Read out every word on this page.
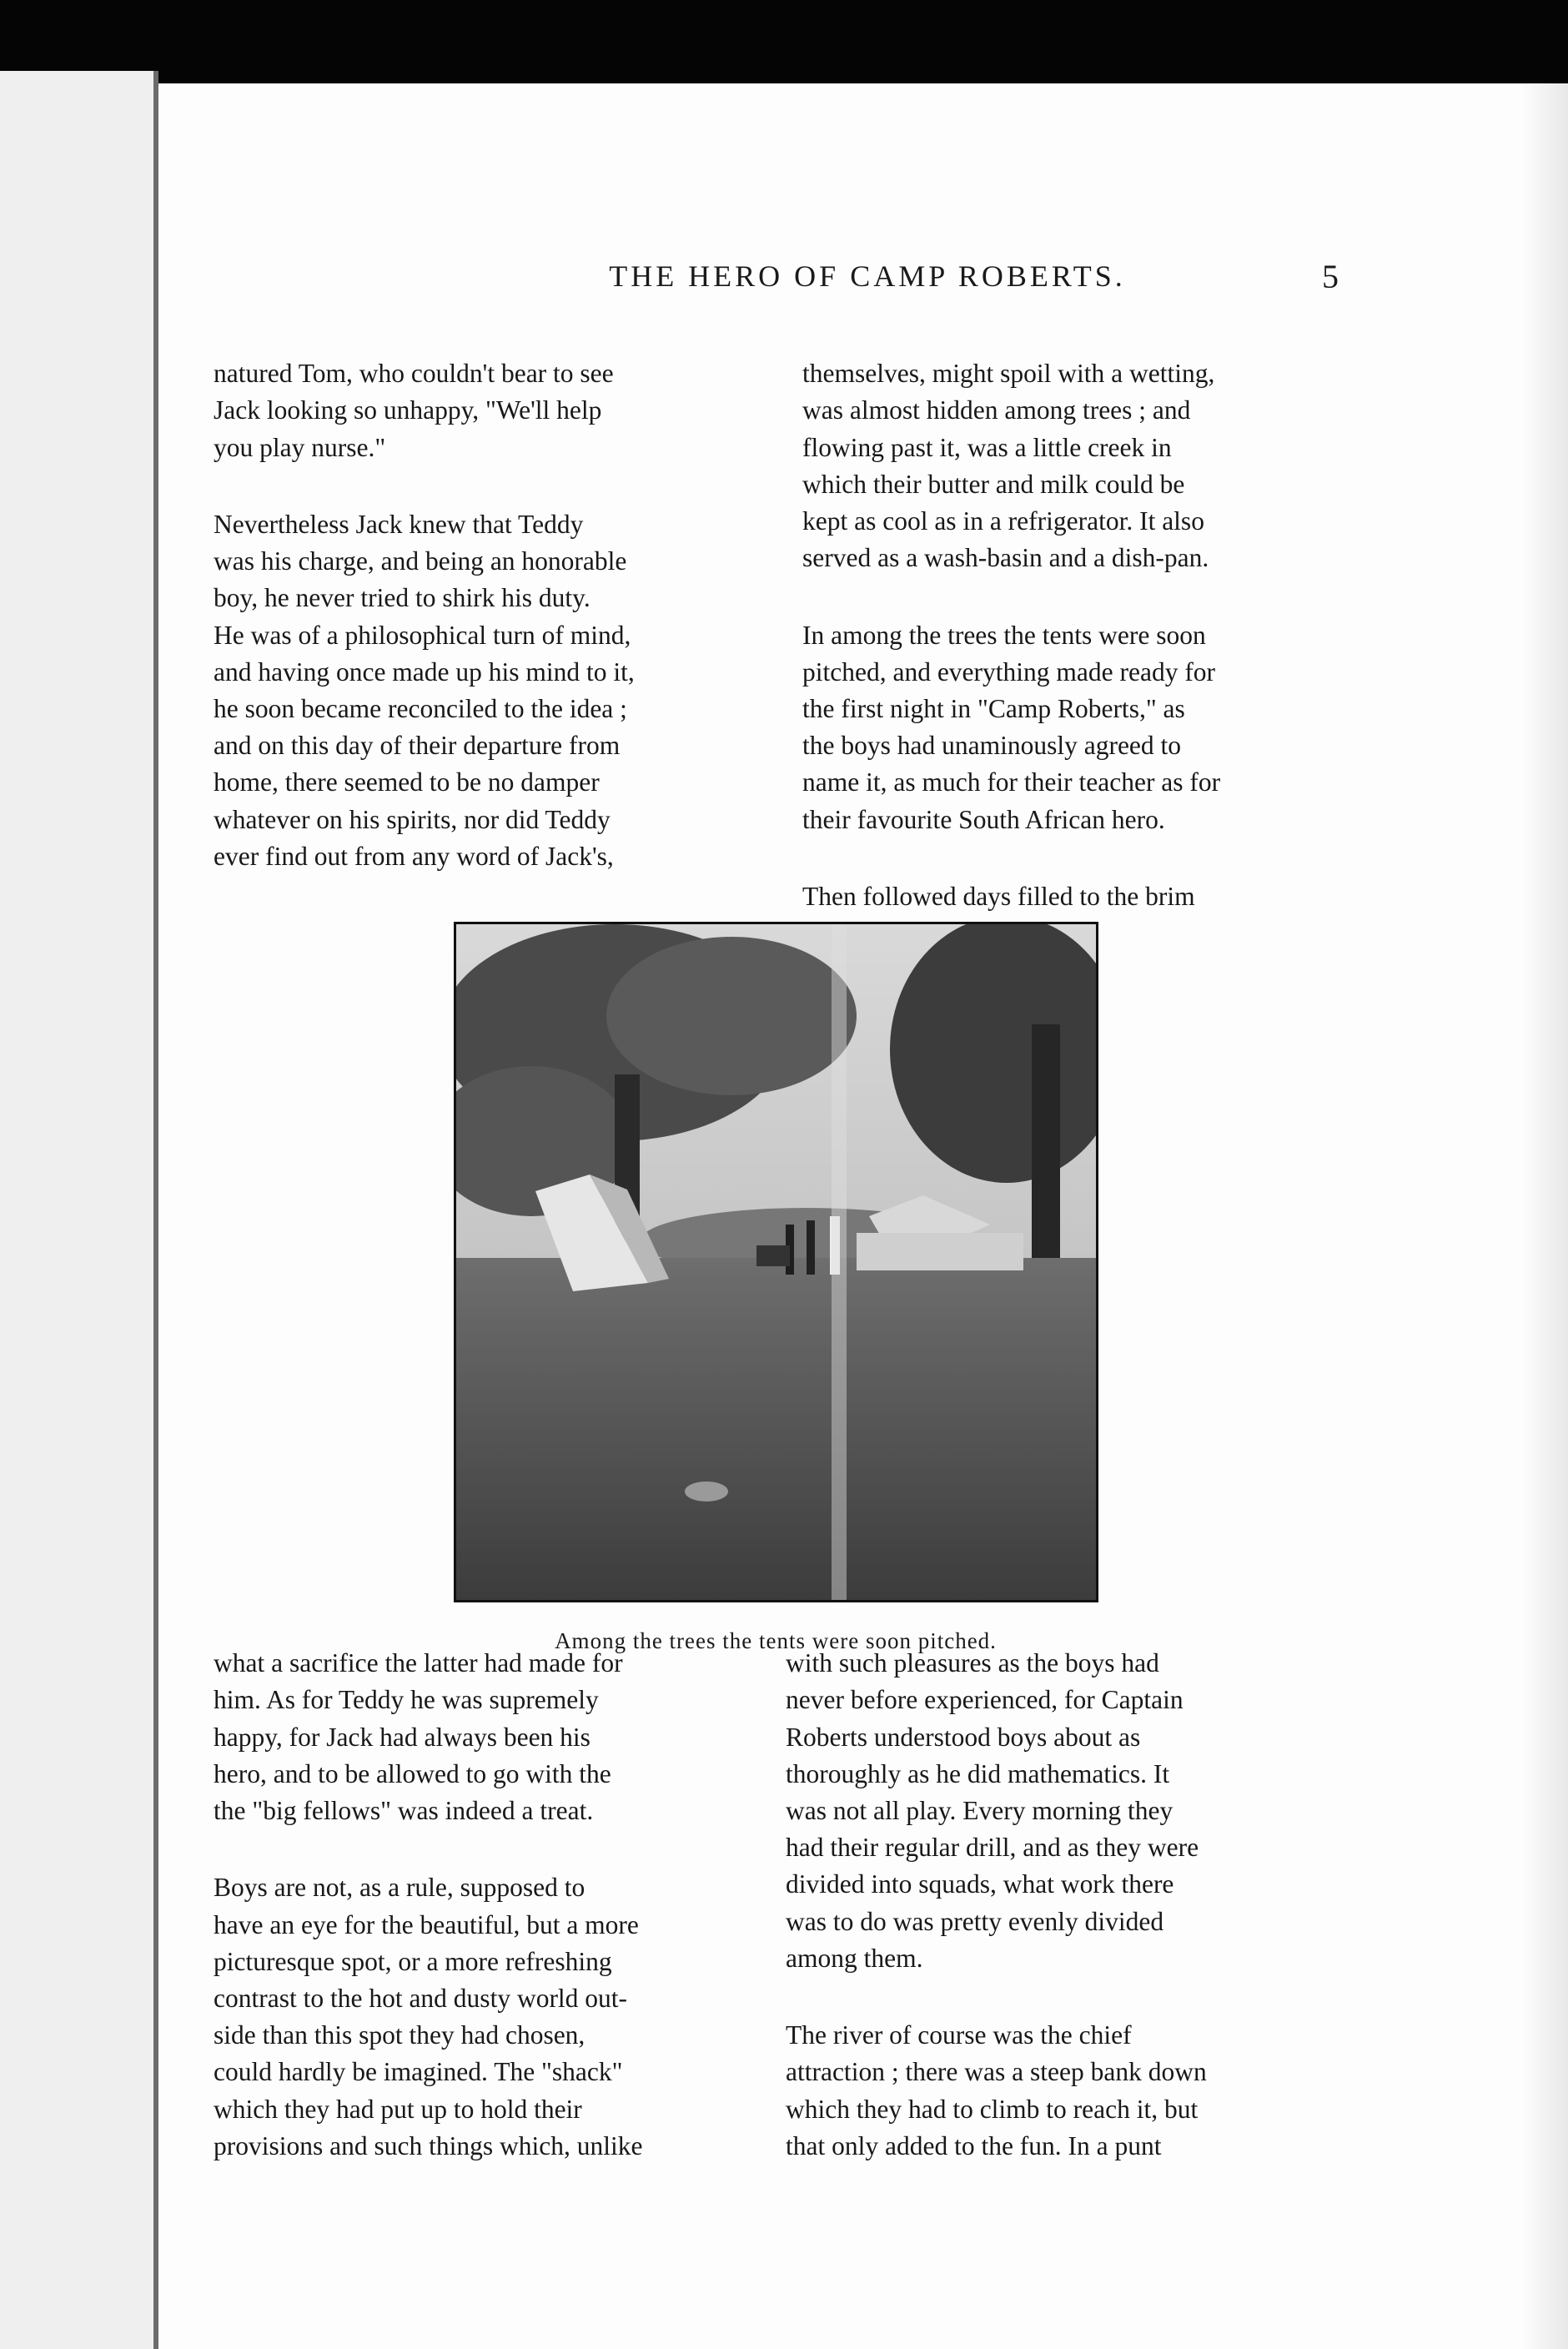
THE HERO OF CAMP ROBERTS.	5

natured Tom, who couldn't bear to see
Jack looking so unhappy, "We'll help
you play nurse."

Nevertheless Jack knew that Teddy
was his charge, and being an honorable
boy, he never tried to shirk his duty.
He was of a philosophical turn of mind,
and having once made up his mind to it,
he soon became reconciled to the idea ;
and on this day of their departure from
home, there seemed to be no damper
whatever on his spirits, nor did Teddy
ever find out from any word of Jack's,

themselves, might spoil with a wetting,
was almost hidden among trees ; and
flowing past it, was a little creek in
which their butter and milk could be
kept as cool as in a refrigerator. It also
served as a wash-basin and a dish-pan.

In among the trees the tents were soon
pitched, and everything made ready for
the first night in "Camp Roberts," as
the boys had unaminously agreed to
name it, as much for their teacher as for
their favourite South African hero.

Then followed days filled to the brim

Among the trees the tents were soon pitched.

what a sacrifice the latter had made for
him. As for Teddy he was supremely
happy, for Jack had always been his
hero, and to be allowed to go with the
the "big fellows" was indeed a treat.

Boys are not, as a rule, supposed to
have an eye for the beautiful, but a more
picturesque spot, or a more refreshing
contrast to the hot and dusty world out-
side than this spot they had chosen,
could hardly be imagined. The "shack"
which they had put up to hold their
provisions and such things which, unlike

with such pleasures as the boys had
never before experienced, for Captain
Roberts understood boys about as
thoroughly as he did mathematics. It
was not all play. Every morning they
had their regular drill, and as they were
divided into squads, what work there
was to do was pretty evenly divided
among them.

The river of course was the chief
attraction ; there was a steep bank down
which they had to climb to reach it, but
that only added to the fun. In a punt
